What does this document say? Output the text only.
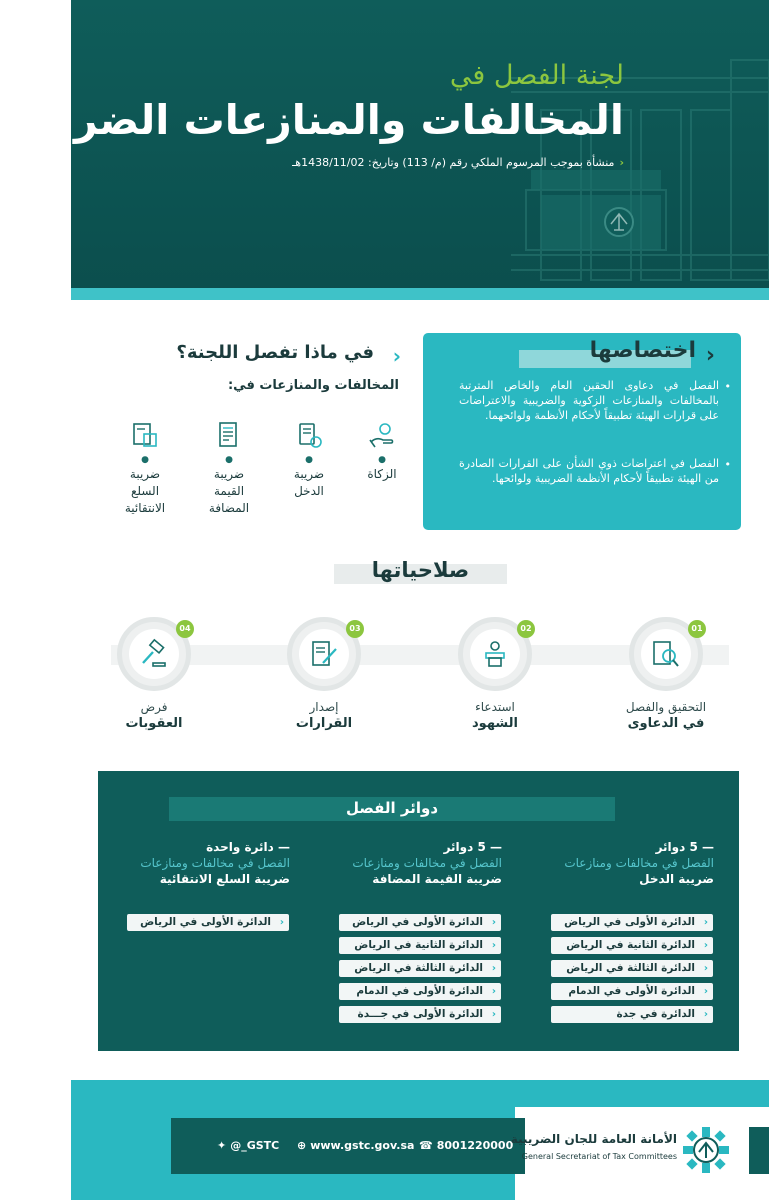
لجنة الفصل في
المخالفات والمنازعات الضريبية
‹منشأة بموجب المرسوم الملكي رقم (م/ 113) وتاريخ: 1438/11/02هـ
‹
اختصاصها
•
الفصل في دعاوى الحقين العام والخاص المترتبة بالمخالفات والمنازعات الزكوية والضريبية والاعتراضات على قرارات الهيئة تطبيقاً لأحكام الأنظمة ولوائحهما.
•
الفصل في اعتراضات ذوي الشأن على القرارات الصادرة من الهيئة تطبيقاً لأحكام الأنظمة الضريبية ولوائحها.
‹
في ماذا تفصل اللجنة؟
المخالفات والمنازعات في:
●
الزكاة
●
ضريبة
الدخل
●
ضريبة
القيمة
المضافة
●
ضريبة
السلع
الانتقائية
صلاحياتها
01
التحقيق والفصل
في الدعاوى
02
استدعاء
الشهود
03
إصدار
القرارات
04
فرض
العقوبات
دوائر الفصل
— 5 دوائر
الفصل في مخالفات ومنازعات
ضريبة الدخل
— 5 دوائر
الفصل في مخالفات ومنازعات
ضريبة القيمة المضافة
— دائرة واحدة
الفصل في مخالفات ومنازعات
ضريبة السلع الانتقائية
‹
الدائرة الأولى في الرياض
‹
الدائرة الثانية في الرياض
‹
الدائرة الثالثة في الرياض
‹
الدائرة الأولى في الدمام
‹
الدائرة في جدة
‹
الدائرة الأولى في الرياض
‹
الدائرة الثانية في الرياض
‹
الدائرة الثالثة في الرياض
‹
الدائرة الأولى في الدمام
‹
الدائرة الأولى في جـــدة
‹
الدائرة الأولى في الرياض
☎ 8001220000
⊕ www.gstc.gov.sa
✦ @_GSTC	الأمانة العامة للجان الضريبية
General Secretariat of Tax Committees
